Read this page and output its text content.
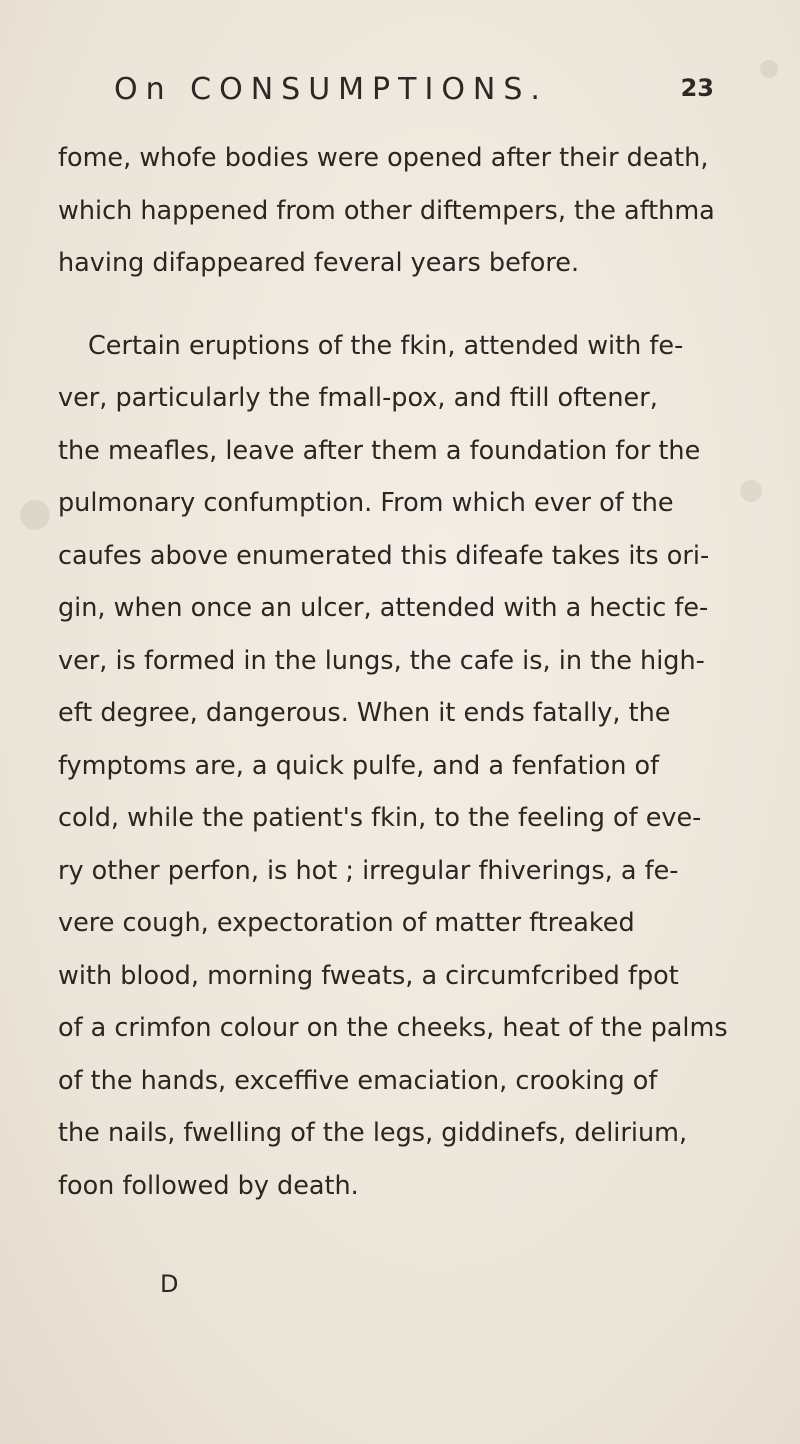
On CONSUMPTIONS.	23
fome, whofe bodies were opened after their death,
which happened from other diftempers, the afthma
having difappeared feveral years before.
Certain eruptions of the fkin, attended with fe-
ver, particularly the fmall-pox, and ftill oftener,
the meafles, leave after them a foundation for the
pulmonary confumption. From which ever of the
caufes above enumerated this difeafe takes its ori-
gin, when once an ulcer, attended with a hectic fe-
ver, is formed in the lungs, the cafe is, in the high-
eft degree, dangerous. When it ends fatally, the
fymptoms are, a quick pulfe, and a fenfation of
cold, while the patient's fkin, to the feeling of eve-
ry other perfon, is hot ; irregular fhiverings, a fe-
vere cough, expectoration of matter ftreaked
with blood, morning fweats, a circumfcribed fpot
of a crimfon colour on the cheeks, heat of the palms
of the hands, exceffive emaciation, crooking of
the nails, fwelling of the legs, giddinefs, delirium,
foon followed by death.
D
